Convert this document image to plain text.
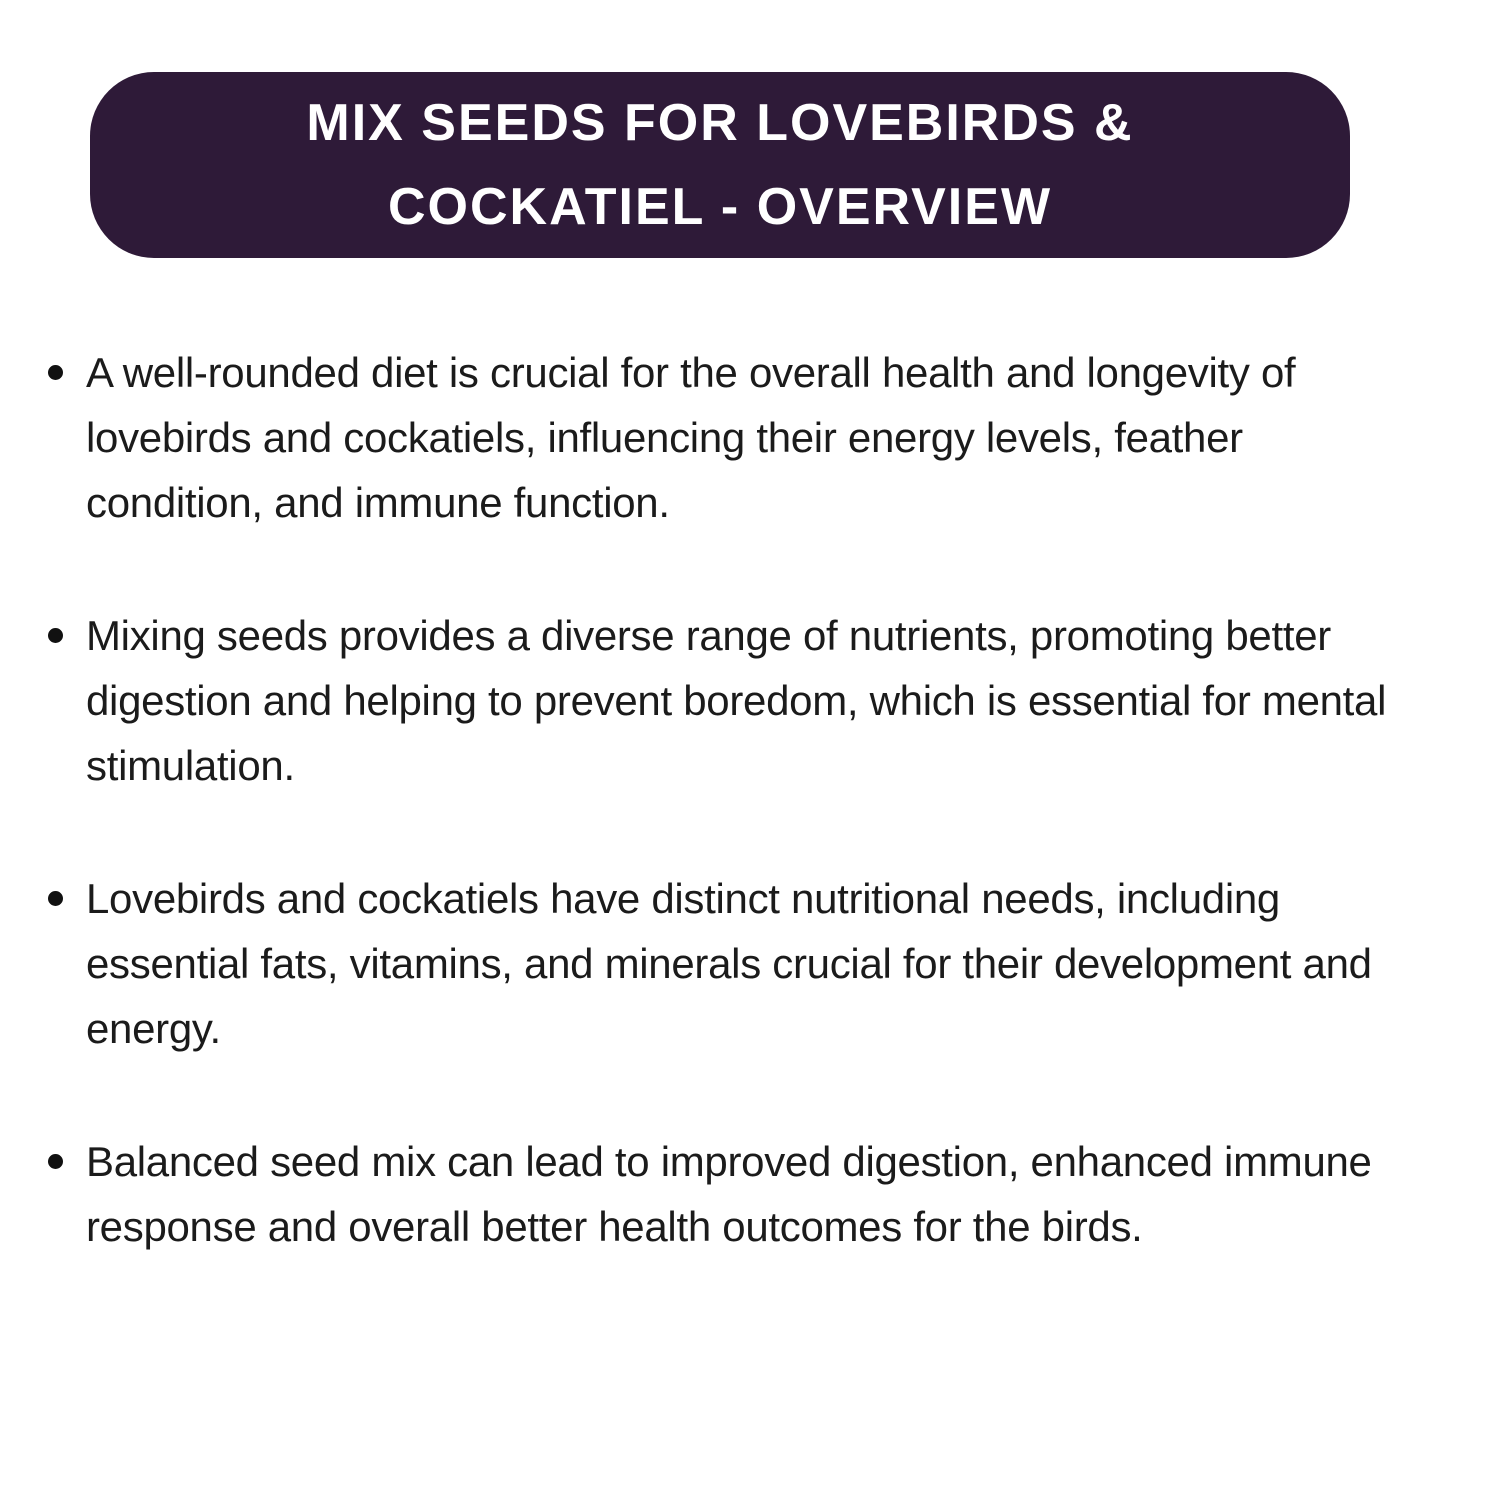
MIX SEEDS FOR LOVEBIRDS &
COCKATIEL - OVERVIEW
A well-rounded diet is crucial for the overall health and longevity of lovebirds and cockatiels, influencing their energy levels, feather condition, and immune function.
Mixing seeds provides a diverse range of nutrients, promoting better digestion and helping to prevent boredom, which is essential for mental stimulation.
Lovebirds and cockatiels have distinct nutritional needs, including essential fats, vitamins, and minerals crucial for their development and energy.
Balanced seed mix can lead to improved digestion, enhanced immune response and overall better health outcomes for the birds.
